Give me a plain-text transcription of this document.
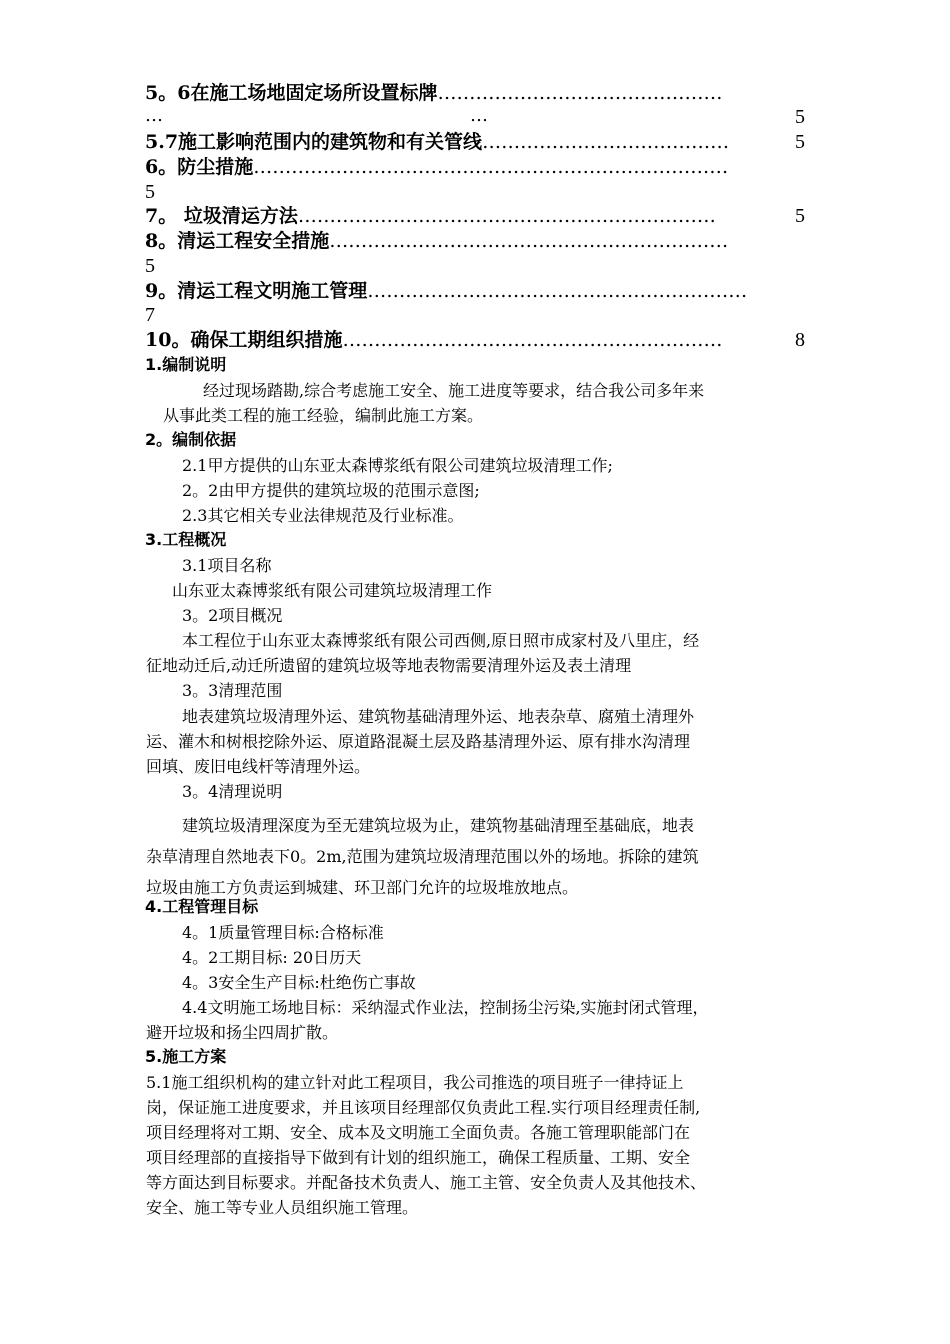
5。6在施工场地固定场所设置标牌………………………………………
…	…	5
5.7施工影响范围内的建筑物和有关管线…………………………………	5
6。防尘措施…………………………………………………………………
5
7。 垃圾清运方法…………………………………………………………	5
8。清运工程安全措施………………………………………………………
5
9。清运工程文明施工管理……………………………………………………
7
10。确保工期组织措施……………………………………………………	8
1.编制说明
经过现场踏勘,综合考虑施工安全、施工进度等要求，结合我公司多年来
从事此类工程的施工经验，编制此施工方案。
2。编制依据
2.1甲方提供的山东亚太森博浆纸有限公司建筑垃圾清理工作;
2。2由甲方提供的建筑垃圾的范围示意图;
2.3其它相关专业法律规范及行业标准。
3.工程概况
3.1项目名称
山东亚太森博浆纸有限公司建筑垃圾清理工作
3。2项目概况
本工程位于山东亚太森博浆纸有限公司西侧,原日照市成家村及八里庄，经
征地动迁后,动迁所遗留的建筑垃圾等地表物需要清理外运及表土清理
3。3清理范围
地表建筑垃圾清理外运、建筑物基础清理外运、地表杂草、腐殖土清理外
运、灌木和树根挖除外运、原道路混凝土层及路基清理外运、原有排水沟清理
回填、废旧电线杆等清理外运。
3。4清理说明
建筑垃圾清理深度为至无建筑垃圾为止，建筑物基础清理至基础底，地表
杂草清理自然地表下0。2m,范围为建筑垃圾清理范围以外的场地。拆除的建筑
垃圾由施工方负责运到城建、环卫部门允许的垃圾堆放地点。
4.工程管理目标
4。1质量管理目标:合格标准
4。2工期目标: 20日历天
4。3安全生产目标:杜绝伤亡事故
4.4文明施工场地目标：采纳湿式作业法，控制扬尘污染,实施封闭式管理，
避开垃圾和扬尘四周扩散。
5.施工方案
5.1施工组织机构的建立针对此工程项目，我公司推选的项目班子一律持证上
岗，保证施工进度要求，并且该项目经理部仅负责此工程.实行项目经理责任制,
项目经理将对工期、安全、成本及文明施工全面负责。各施工管理职能部门在
项目经理部的直接指导下做到有计划的组织施工，确保工程质量、工期、安全
等方面达到目标要求。并配备技术负责人、施工主管、安全负责人及其他技术、
安全、施工等专业人员组织施工管理。
